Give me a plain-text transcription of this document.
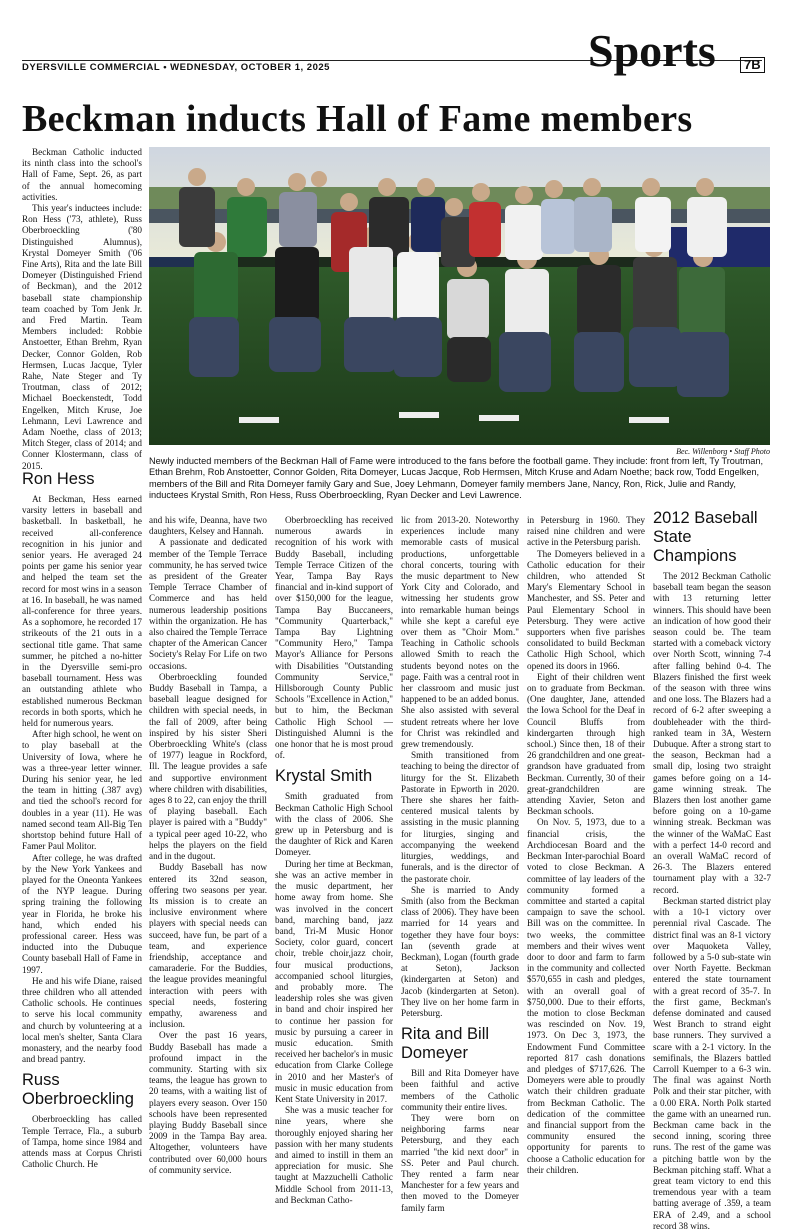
DYERSVILLE COMMERCIAL • WEDNESDAY, OCTOBER 1, 2025	Sports	7B
Beckman inducts Hall of Fame members
Bec. Willenborg • Staff Photo
Newly inducted members of the Beckman Hall of Fame were introduced to the fans before the football game. They include: front from left, Ty Troutman, Ethan Brehm, Rob Anstoetter, Connor Golden, Rita Domeyer, Lucas Jacque, Rob Hermsen, Mitch Kruse and Adam Noethe; back row, Todd Engelken, members of the Bill and Rita Domeyer family Gary and Sue, Joey Lehmann, Domeyer family members Jane, Nancy, Ron, Rick, Julie and Randy, inductees Krystal Smith, Ron Hess, Russ Oberbroeckling, Ryan Decker and Levi Lawrence.

Beckman Catholic inducted its ninth class into the school's Hall of Fame, Sept. 26, as part of the annual homecoming activities.

This year's inductees include: Ron Hess ('73, athlete), Russ Oberbroeckling ('80 Distinguished Alumnus), Krystal Domeyer Smith ('06 Fine Arts), Rita and the late Bill Domeyer (Distinguished Friend of Beckman), and the 2012 baseball state championship team coached by Tom Jenk Jr. and Fred Martin. Team Members included: Robbie Anstoetter, Ethan Brehm, Ryan Decker, Connor Golden, Rob Hermsen, Lucas Jacque, Tyler Rahe, Nate Steger and Ty Troutman, class of 2012; Michael Boeckenstedt, Todd Engelken, Mitch Kruse, Joe Lehmann, Levi Lawrence and Adam Noethe, class of 2013; Mitch Steger, class of 2014; and Conner Klostermann, class of 2015.

Ron Hess

At Beckman, Hess earned varsity letters in baseball and basketball. In basketball, he received all-conference recognition in his junior and senior years. He averaged 24 points per game his senior year and helped the team set the record for most wins in a season at 16. In baseball, he was named all-conference for three years. As a sophomore, he recorded 17 strikeouts of the 21 outs in a sectional title game. That same summer, he pitched a no-hitter in the Dyersville semi-pro baseball tournament. Hess was an outstanding athlete who established numerous Beckman records in both sports, which he held for numerous years.

After high school, he went on to play baseball at the University of Iowa, where he was a three-year letter winner. During his senior year, he led the team in hitting (.387 avg) and tied the school's record for doubles in a year (11). He was named second team All-Big Ten shortstop behind future Hall of Famer Paul Molitor.

After college, he was drafted by the New York Yankees and played for the Oneonta Yankees of the NYP league. During spring training the following year in Florida, he broke his hand, which ended his professional career. Hess was inducted into the Dubuque County baseball Hall of Fame in 1997.

He and his wife Diane, raised three children who all attended Catholic schools. He continues to serve his local community and church by volunteering at a local men's shelter, Santa Clara monastery, and the nearby food and bread pantry.

Russ Oberbroeckling

Oberbroeckling has called Temple Terrace, Fla., a suburb of Tampa, home since 1984 and attends mass at Corpus Christi Catholic Church. He

and his wife, Deanna, have two daughters, Kelsey and Hannah.

A passionate and dedicated member of the Temple Terrace community, he has served twice as president of the Greater Temple Terrace Chamber of Commerce and has held numerous leadership positions within the organization. He has also chaired the Temple Terrace chapter of the American Cancer Society's Relay For Life on two occasions.

Oberbroeckling founded Buddy Baseball in Tampa, a baseball league designed for children with special needs, in the fall of 2009, after being inspired by his sister Sheri Oberbroeckling White's (class of 1977) league in Rockford, Ill. The league provides a safe and supportive environment where children with disabilities, ages 8 to 22, can enjoy the thrill of playing baseball. Each player is paired with a "Buddy" a typical peer aged 10-22, who helps the players on the field and in the dugout.

Buddy Baseball has now entered its 32nd season, offering two seasons per year. Its mission is to create an inclusive environment where players with special needs can succeed, have fun, be part of a team, and experience friendship, acceptance and camaraderie. For the Buddies, the league provides meaningful interaction with peers with special needs, fostering empathy, awareness and inclusion.

Over the past 16 years, Buddy Baseball has made a profound impact in the community. Starting with six teams, the league has grown to 20 teams, with a waiting list of players every season. Over 150 schools have been represented playing Buddy Baseball since 2009 in the Tampa Bay area. Altogether, volunteers have contributed over 60,000 hours of community service.

Oberbroeckling has received numerous awards in recognition of his work with Buddy Baseball, including Temple Terrace Citizen of the Year, Tampa Bay Rays financial and in-kind support of over $150,000 for the league, Tampa Bay Buccaneers, "Community Quarterback," Tampa Bay Lightning "Community Hero," Tampa Mayor's Alliance for Persons with Disabilities "Outstanding Community Service," Hillsborough County Public Schools "Excellence in Action," but to him, the Beckman Catholic High School — Distinguished Alumni is the one honor that he is most proud of.

Krystal Smith

Smith graduated from Beckman Catholic High School with the class of 2006. She grew up in Petersburg and is the daughter of Rick and Karen Domeyer.

During her time at Beckman, she was an active member in the music department, her home away from home. She was involved in the concert band, marching band, jazz band, Tri-M Music Honor Society, color guard, concert choir, treble choir,jazz choir, four musical productions, accompanied school liturgies, and probably more. The leadership roles she was given in band and choir inspired her to continue her passion for music by pursuing a career in music education. Smith received her bachelor's in music education from Clarke College in 2010 and her Master's of music in music education from Kent State University in 2017.

She was a music teacher for nine years, where she thoroughly enjoyed sharing her passion with her many students and aimed to instill in them an appreciation for music. She taught at Mazzuchelli Catholic Middle School from 2011-13, and Beckman Catho-

lic from 2013-20. Noteworthy experiences include many memorable casts of musical productions, unforgettable choral concerts, touring with the music department to New York City and Colorado, and witnessing her students grow into remarkable human beings while she kept a careful eye over them as "Choir Mom." Teaching in Catholic schools allowed Smith to reach the students beyond notes on the page. Faith was a central root in her classroom and music just happened to be an added bonus. She also assisted with several student retreats where her love for Christ was rekindled and grew tremendously.

Smith transitioned from teaching to being the director of liturgy for the St. Elizabeth Pastorate in Epworth in 2020. There she shares her faith-centered musical talents by assisting in the music planning for liturgies, singing and accompanying the weekend liturgies, weddings, and funerals, and is the director of the pastorate choir.

She is married to Andy Smith (also from the Beckman class of 2006). They have been married for 14 years and together they have four boys: Ian (seventh grade at Beckman), Logan (fourth grade at Seton), Jackson (kindergarten at Seton) and Jacob (kindergarten at Seton). They live on her home farm in Petersburg.

Rita and Bill Domeyer

Bill and Rita Domeyer have been faithful and active members of the Catholic community their entire lives.

They were born on neighboring farms near Petersburg, and they each married "the kid next door" in SS. Peter and Paul church. They rented a farm near Manchester for a few years and then moved to the Domeyer family farm

in Petersburg in 1960. They raised nine children and were active in the Petersburg parish.

The Domeyers believed in a Catholic education for their children, who attended St Mary's Elementary School in Manchester, and SS. Peter and Paul Elementary School in Petersburg. They were active supporters when five parishes consolidated to build Beckman Catholic High School, which opened its doors in 1966.

Eight of their children went on to graduate from Beckman. (One daughter, Jane, attended the Iowa School for the Deaf in Council Bluffs from kindergarten through high school.) Since then, 18 of their 26 grandchildren and one great-grandson have graduated from Beckman. Currently, 30 of their great-grandchildren are attending Xavier, Seton and Beckman schools.

On Nov. 5, 1973, due to a financial crisis, the Archdiocesan Board and the Beckman Inter-parochial Board voted to close Beckman. A committee of lay leaders of the community formed a committee and started a capital campaign to save the school. Bill was on the committee. In two weeks, the committee members and their wives went door to door and farm to farm in the community and collected $570,655 in cash and pledges, with an overall goal of $750,000. Due to their efforts, the motion to close Beckman was rescinded on Nov. 19, 1973. On Dec 3, 1973, the Endowment Fund Committee reported 817 cash donations and pledges of $717,626. The Domeyers were able to proudly watch their children graduate from Beckman Catholic. The dedication of the committee and financial support from the community ensured the opportunity for parents to choose a Catholic education for their children.

2012 Baseball State Champions

The 2012 Beckman Catholic baseball team began the season with 13 returning letter winners. This should have been an indication of how good their season could be. The team started with a comeback victory over North Scott, winning 7-4 after falling behind 0-4. The Blazers finished the first week of the season with three wins and one loss. The Blazers had a record of 6-2 after sweeping a doubleheader with the third-ranked team in 3A, Western Dubuque. After a strong start to the season, Beckman had a small dip, losing two straight games before going on a 14-game winning streak. The Blazers then lost another game before going on a 10-game winning streak. Beckman was the winner of the WaMaC East with a perfect 14-0 record and an overall WaMaC record of 26-3. The Blazers entered tournament play with a 32-7 record.

Beckman started district play with a 10-1 victory over perennial rival Cascade. The district final was an 8-1 victory over Maquoketa Valley, followed by a 5-0 sub-state win over North Fayette. Beckman entered the state tournament with a great record of 35-7. In the first game, Beckman's defense dominated and caused West Branch to strand eight base runners. They survived a scare with a 2-1 victory. In the semifinals, the Blazers battled Carroll Kuemper to a 6-3 win. The final was against North Polk and their star pitcher, with a 0.00 ERA. North Polk started the game with an unearned run. Beckman came back in the second inning, scoring three runs. The rest of the game was a pitching battle won by the Beckman pitching staff. What a great team victory to end this tremendous year with a team batting average of .359, a team ERA of 2.49, and a school record 38 wins.
